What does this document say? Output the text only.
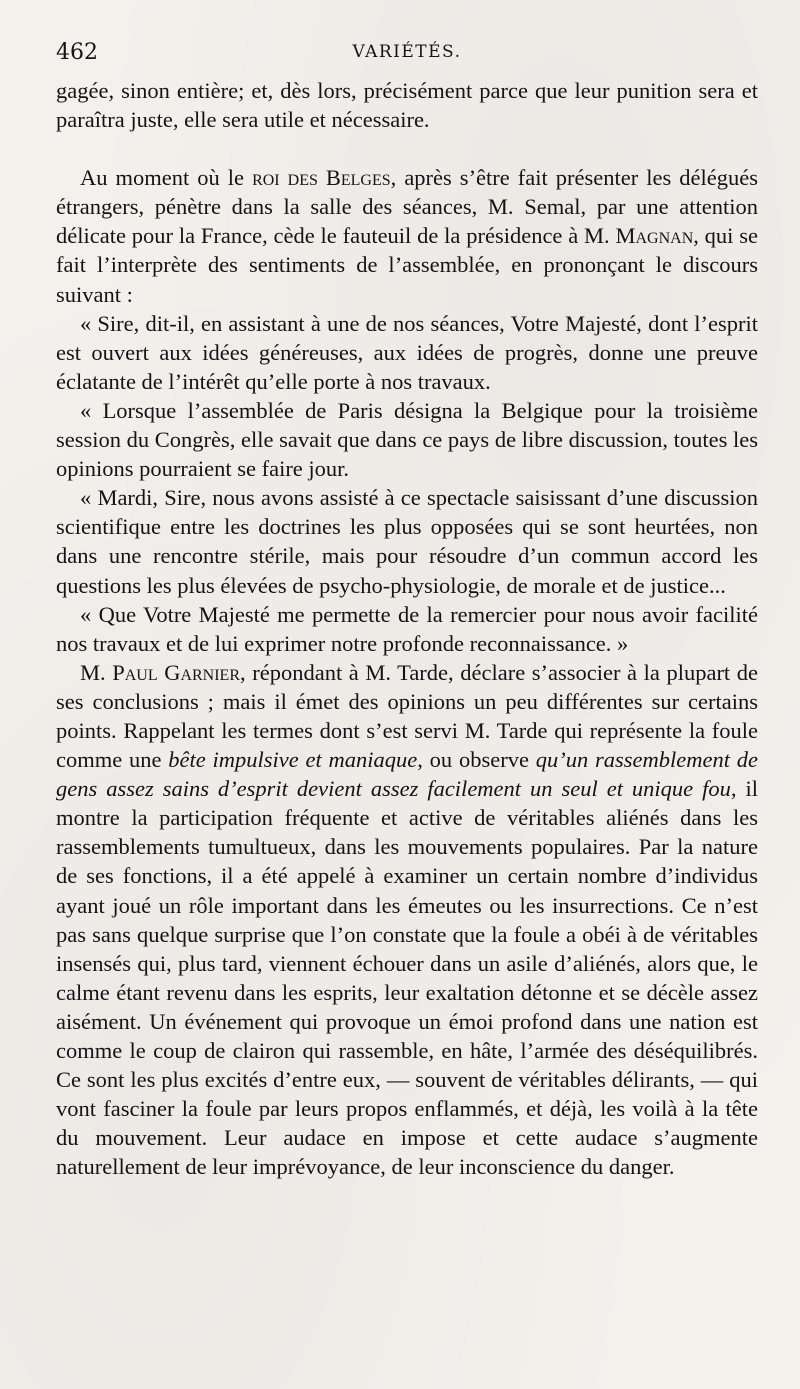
462	VARIÉTÉS.

gagée, sinon entière; et, dès lors, précisément parce que leur punition sera et paraîtra juste, elle sera utile et nécessaire.

Au moment où le roi des Belges, après s’être fait présenter les délégués étrangers, pénètre dans la salle des séances, M. Semal, par une attention délicate pour la France, cède le fauteuil de la présidence à M. Magnan, qui se fait l’interprète des sentiments de l’assemblée, en prononçant le discours suivant :

« Sire, dit-il, en assistant à une de nos séances, Votre Majesté, dont l’esprit est ouvert aux idées généreuses, aux idées de progrès, donne une preuve éclatante de l’intérêt qu’elle porte à nos travaux.

« Lorsque l’assemblée de Paris désigna la Belgique pour la troisième session du Congrès, elle savait que dans ce pays de libre discussion, toutes les opinions pourraient se faire jour.

« Mardi, Sire, nous avons assisté à ce spectacle saisissant d’une discussion scientifique entre les doctrines les plus opposées qui se sont heurtées, non dans une rencontre stérile, mais pour résoudre d’un commun accord les questions les plus élevées de psycho-physiologie, de morale et de justice...

« Que Votre Majesté me permette de la remercier pour nous avoir facilité nos travaux et de lui exprimer notre profonde reconnaissance. »

M. Paul Garnier, répondant à M. Tarde, déclare s’associer à la plupart de ses conclusions ; mais il émet des opinions un peu différentes sur certains points. Rappelant les termes dont s’est servi M. Tarde qui représente la foule comme une bête impulsive et maniaque, ou observe qu’un rassemblement de gens assez sains d’esprit devient assez facilement un seul et unique fou, il montre la participation fréquente et active de véritables aliénés dans les rassemblements tumultueux, dans les mouvements populaires. Par la nature de ses fonctions, il a été appelé à examiner un certain nombre d’individus ayant joué un rôle important dans les émeutes ou les insurrections. Ce n’est pas sans quelque surprise que l’on constate que la foule a obéi à de véritables insensés qui, plus tard, viennent échouer dans un asile d’aliénés, alors que, le calme étant revenu dans les esprits, leur exaltation détonne et se décèle assez aisément. Un événement qui provoque un émoi profond dans une nation est comme le coup de clairon qui rassemble, en hâte, l’armée des déséquilibrés. Ce sont les plus excités d’entre eux, — souvent de véritables délirants, — qui vont fasciner la foule par leurs propos enflammés, et déjà, les voilà à la tête du mouvement. Leur audace en impose et cette audace s’augmente naturellement de leur imprévoyance, de leur inconscience du danger.
